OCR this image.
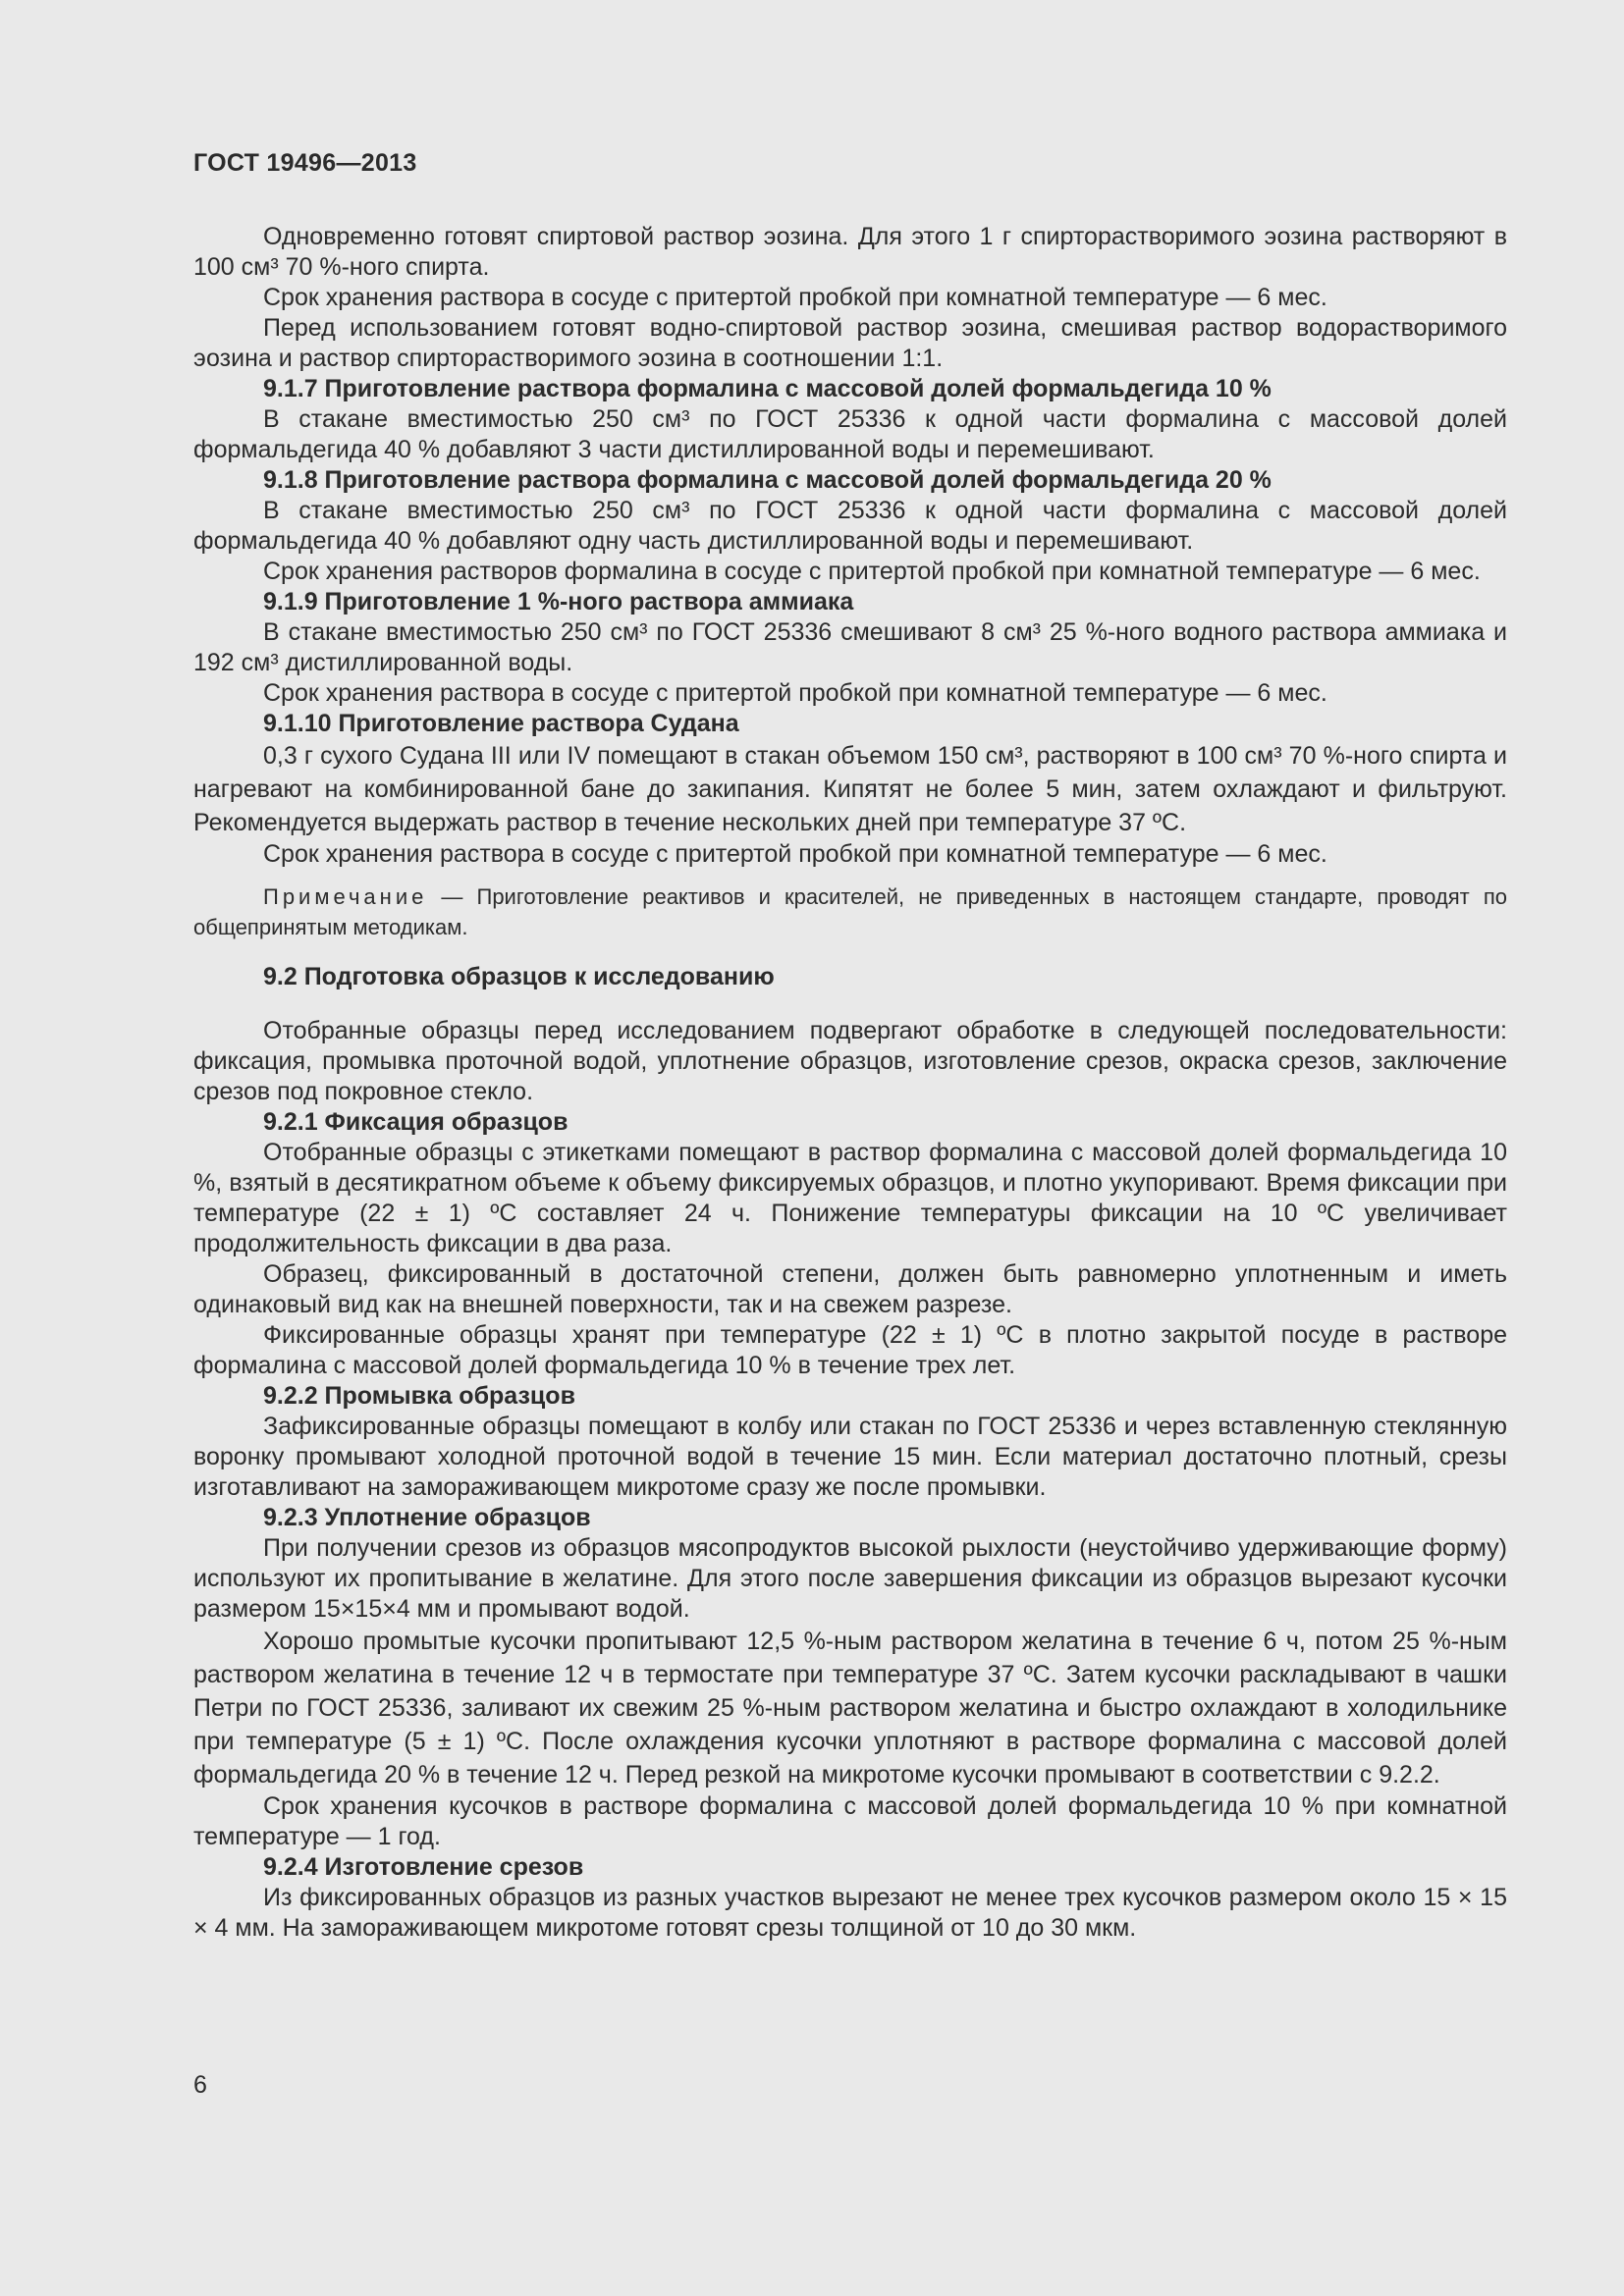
ГОСТ 19496—2013

Одновременно готовят спиртовой раствор эозина. Для этого 1 г спирторастворимого эозина растворяют в 100 см³ 70 %-ного спирта.

Срок хранения раствора в сосуде с притертой пробкой при комнатной температуре — 6 мес.

Перед использованием готовят водно-спиртовой раствор эозина, смешивая раствор водорастворимого эозина и раствор спирторастворимого эозина в соотношении 1:1.

9.1.7 Приготовление раствора формалина с массовой долей формальдегида 10 %

В стакане вместимостью 250 см³ по ГОСТ 25336 к одной части формалина с массовой долей формальдегида 40 % добавляют 3 части дистиллированной воды и перемешивают.

9.1.8 Приготовление раствора формалина с массовой долей формальдегида 20 %

В стакане вместимостью 250 см³ по ГОСТ 25336 к одной части формалина с массовой долей формальдегида 40 % добавляют одну часть дистиллированной воды и перемешивают.

Срок хранения растворов формалина в сосуде с притертой пробкой при комнатной температуре — 6 мес.

9.1.9 Приготовление 1 %-ного раствора аммиака

В стакане вместимостью 250 см³ по ГОСТ 25336 смешивают 8 см³ 25 %-ного водного раствора аммиака и 192 см³ дистиллированной воды.

Срок хранения раствора в сосуде с притертой пробкой при комнатной температуре — 6 мес.

9.1.10 Приготовление раствора Судана

0,3 г сухого Судана III или IV помещают в стакан объемом 150 см³, растворяют в 100 см³ 70 %-ного спирта и нагревают на комбинированной бане до закипания. Кипятят не более 5 мин, затем охлаждают и фильтруют. Рекомендуется выдержать раствор в течение нескольких дней при температуре 37 ºС.

Срок хранения раствора в сосуде с притертой пробкой при комнатной температуре — 6 мес.

Примечание — Приготовление реактивов и красителей, не приведенных в настоящем стандарте, проводят по общепринятым методикам.

9.2 Подготовка образцов к исследованию

Отобранные образцы перед исследованием подвергают обработке в следующей последовательности: фиксация, промывка проточной водой, уплотнение образцов, изготовление срезов, окраска срезов, заключение срезов под покровное стекло.

9.2.1 Фиксация образцов

Отобранные образцы с этикетками помещают в раствор формалина с массовой долей формальдегида 10 %, взятый в десятикратном объеме к объему фиксируемых образцов, и плотно укупоривают. Время фиксации при температуре (22 ± 1) ºС составляет 24 ч. Понижение температуры фиксации на 10 ºС увеличивает продолжительность фиксации в два раза.

Образец, фиксированный в достаточной степени, должен быть равномерно уплотненным и иметь одинаковый вид как на внешней поверхности, так и на свежем разрезе.

Фиксированные образцы хранят при температуре (22 ± 1) ºС в плотно закрытой посуде в растворе формалина с массовой долей формальдегида 10 % в течение трех лет.

9.2.2 Промывка образцов

Зафиксированные образцы помещают в колбу или стакан по ГОСТ 25336 и через вставленную стеклянную воронку промывают холодной проточной водой в течение 15 мин. Если материал достаточно плотный, срезы изготавливают на замораживающем микротоме сразу же после промывки.

9.2.3 Уплотнение образцов

При получении срезов из образцов мясопродуктов высокой рыхлости (неустойчиво удерживающие форму) используют их пропитывание в желатине. Для этого после завершения фиксации из образцов вырезают кусочки размером 15×15×4 мм и промывают водой.

Хорошо промытые кусочки пропитывают 12,5 %-ным раствором желатина в течение 6 ч, потом 25 %-ным раствором желатина в течение 12 ч в термостате при температуре 37 ºС. Затем кусочки раскладывают в чашки Петри по ГОСТ 25336, заливают их свежим 25 %-ным раствором желатина и быстро охлаждают в холодильнике при температуре (5 ± 1) ºС. После охлаждения кусочки уплотняют в растворе формалина с массовой долей формальдегида 20 % в течение 12 ч. Перед резкой на микротоме кусочки промывают в соответствии с 9.2.2.

Срок хранения кусочков в растворе формалина с массовой долей формальдегида 10 % при комнатной температуре — 1 год.

9.2.4 Изготовление срезов

Из фиксированных образцов из разных участков вырезают не менее трех кусочков размером около 15 × 15 × 4 мм. На замораживающем микротоме готовят срезы толщиной от 10 до 30 мкм.

6
